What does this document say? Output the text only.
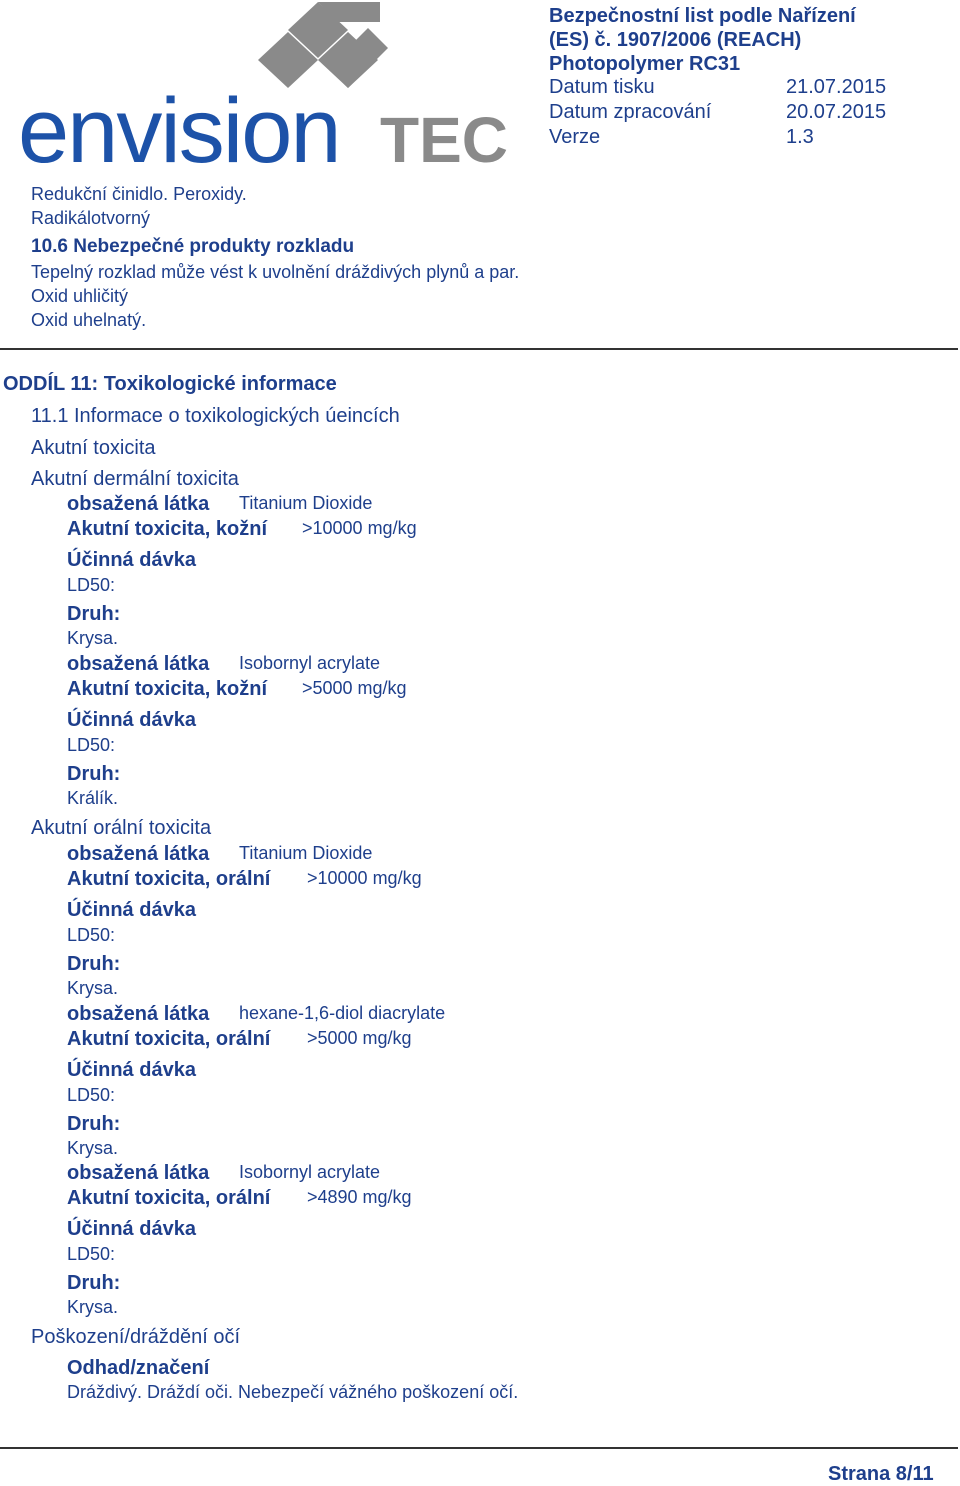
envision TEC
Bezpečnostní list podle Nařízení
(ES) č. 1907/2006 (REACH)
Photopolymer RC31
Datum tisku	21.07.2015
Datum zpracování	20.07.2015
Verze	1.3
Redukční činidlo. Peroxidy.
Radikálotvorný
10.6 Nebezpečné produkty rozkladu
Tepelný rozklad může vést k uvolnění dráždivých plynů a par.
Oxid uhličitý
Oxid uhelnatý.
ODDÍL 11: Toxikologické informace
11.1 Informace o toxikologických úeincích
Akutní toxicita
Akutní dermální toxicita
obsažená látka Titanium Dioxide
Akutní toxicita, kožní >10000 mg/kg
Účinná dávka
LD50:
Druh:
Krysa.
obsažená látka Isobornyl acrylate
Akutní toxicita, kožní >5000 mg/kg
Účinná dávka
LD50:
Druh:
Králík.
Akutní orální toxicita
obsažená látka Titanium Dioxide
Akutní toxicita, orální >10000 mg/kg
Účinná dávka
LD50:
Druh:
Krysa.
obsažená látka hexane-1,6-diol diacrylate
Akutní toxicita, orální >5000 mg/kg
Účinná dávka
LD50:
Druh:
Krysa.
obsažená látka Isobornyl acrylate
Akutní toxicita, orální >4890 mg/kg
Účinná dávka
LD50:
Druh:
Krysa.
Poškození/dráždění očí
Odhad/značení
Dráždivý. Dráždí oči. Nebezpečí vážného poškození očí.
Strana 8/11
